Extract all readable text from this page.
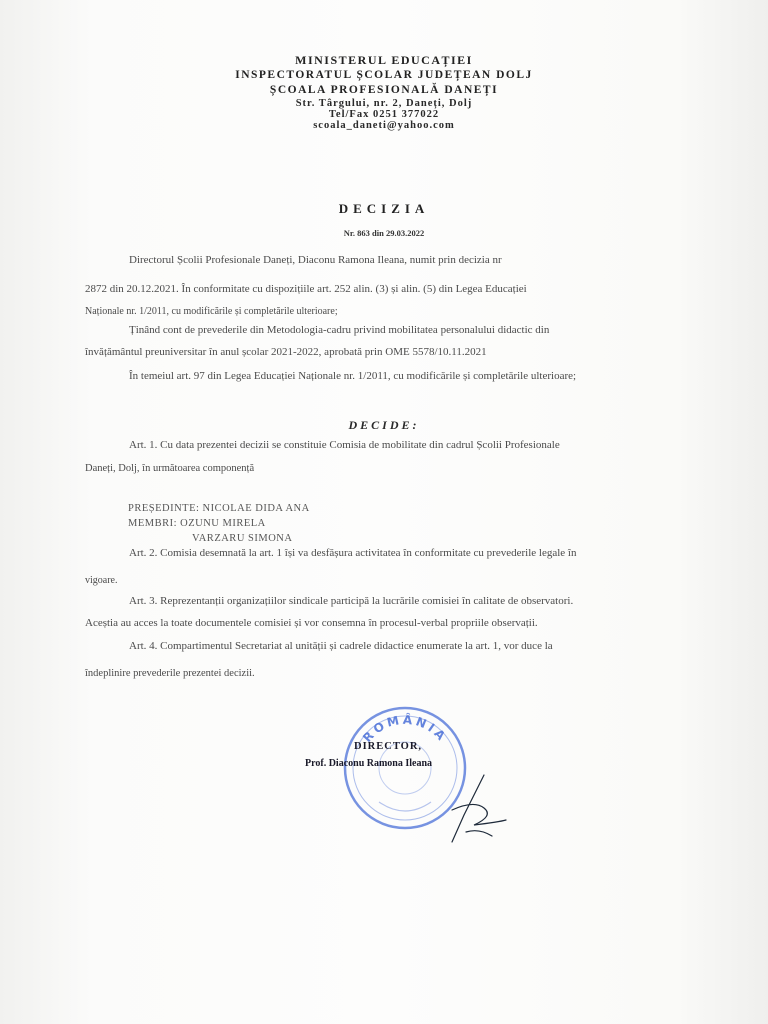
MINISTERUL EDUCAȚIEI
INSPECTORATUL ȘCOLAR JUDEȚEAN DOLJ
ȘCOALA PROFESIONALĂ DANEȚI
Str. Târgului, nr. 2, Daneți, Dolj
Tel/Fax 0251 377022
scoala_daneti@yahoo.com
DECIZIA
Nr. 863 din 29.03.2022
Directorul Școlii Profesionale Daneți, Diaconu Ramona Ileana, numit prin decizia nr
2872 din 20.12.2021. În conformitate cu dispozițiile art. 252 alin. (3) și alin. (5) din Legea Educației
Naționale nr. 1/2011, cu modificările și completările ulterioare;
Ținând cont de prevederile din Metodologia-cadru privind mobilitatea personalului didactic din
învățământul preuniversitar în anul școlar 2021-2022, aprobată prin OME 5578/10.11.2021
În temeiul art. 97 din Legea Educației Naționale nr. 1/2011, cu modificările și completările ulterioare;
DECIDE:
Art. 1. Cu data prezentei decizii se constituie Comisia de mobilitate din cadrul Școlii Profesionale
Daneți, Dolj, în următoarea componență
PREȘEDINTE: NICOLAE DIDA ANA
MEMBRI: OZUNU MIRELA
VARZARU SIMONA
Art. 2. Comisia desemnată la art. 1 își va desfășura activitatea în conformitate cu prevederile legale în
vigoare.
Art. 3. Reprezentanții organizațiilor sindicale participă la lucrările comisiei în calitate de observatori.
Aceștia au acces la toate documentele comisiei și vor consemna în procesul-verbal propriile observații.
Art. 4. Compartimentul Secretariat al unității și cadrele didactice enumerate la art. 1, vor duce la
îndeplinire prevederile prezentei decizii.
ROMÂNIA
DIRECTOR,
Prof. Diaconu Ramona Ileana
